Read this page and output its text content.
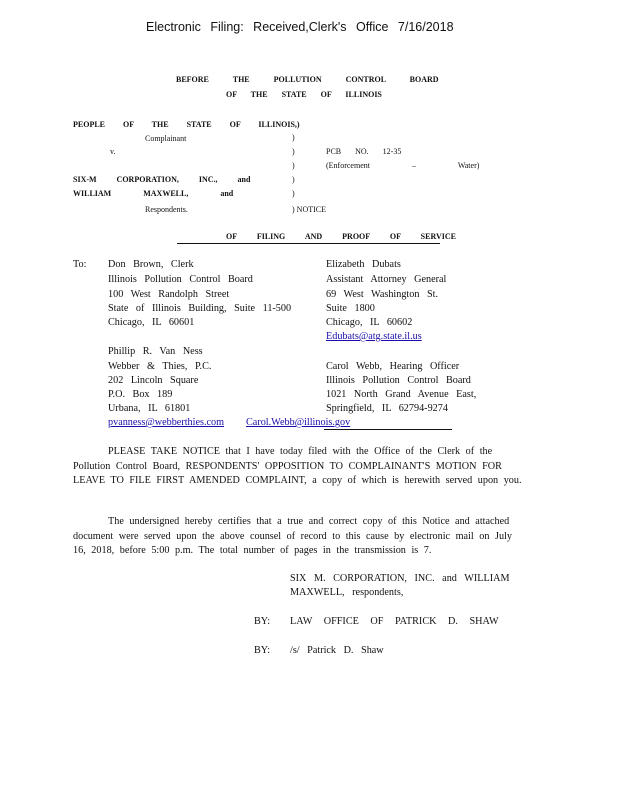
Electronic Filing: Received,Clerk's Office 7/16/2018
BEFORE THE POLLUTION CONTROL BOARD
OF THE STATE OF ILLINOIS
PEOPLE OF THE STATE OF ILLINOIS,)
Complainant	)
v.	)	PCB NO. 12-35
)	(Enforcement – Water)
SIX-M CORPORATION, INC., and	)
WILLIAM MAXWELL, and	)
Respondents.	) NOTICE
OF FILING AND PROOF OF SERVICE
To: Don Brown, Clerk
Illinois Pollution Control Board
100 West Randolph Street
State of Illinois Building, Suite 11-500
Chicago, IL 60601
Phillip R. Van Ness
Webber & Thies, P.C.
202 Lincoln Square
P.O. Box 189
Urbana, IL 61801
pvanness@webberthies.com
Elizabeth Dubats
Assistant Attorney General
69 West Washington St.
Suite 1800
Chicago, IL 60602
Edubats@atg.state.il.us
Carol Webb, Hearing Officer
Illinois Pollution Control Board
1021 North Grand Avenue East,
Springfield, IL 62794-9274
Carol.Webb@illinois.gov
PLEASE TAKE NOTICE that I have today filed with the Office of the Clerk of the Pollution Control Board, RESPONDENTS' OPPOSITION TO COMPLAINANT'S MOTION FOR LEAVE TO FILE FIRST AMENDED COMPLAINT, a copy of which is herewith served upon you.
The undersigned hereby certifies that a true and correct copy of this Notice and attached document were served upon the above counsel of record to this cause by electronic mail on July 16, 2018, before 5:00 p.m. The total number of pages in the transmission is 7.
SIX M. CORPORATION, INC. and WILLIAM
MAXWELL, respondents,
BY: LAW OFFICE OF PATRICK D. SHAW
BY: /s/ Patrick D. Shaw
